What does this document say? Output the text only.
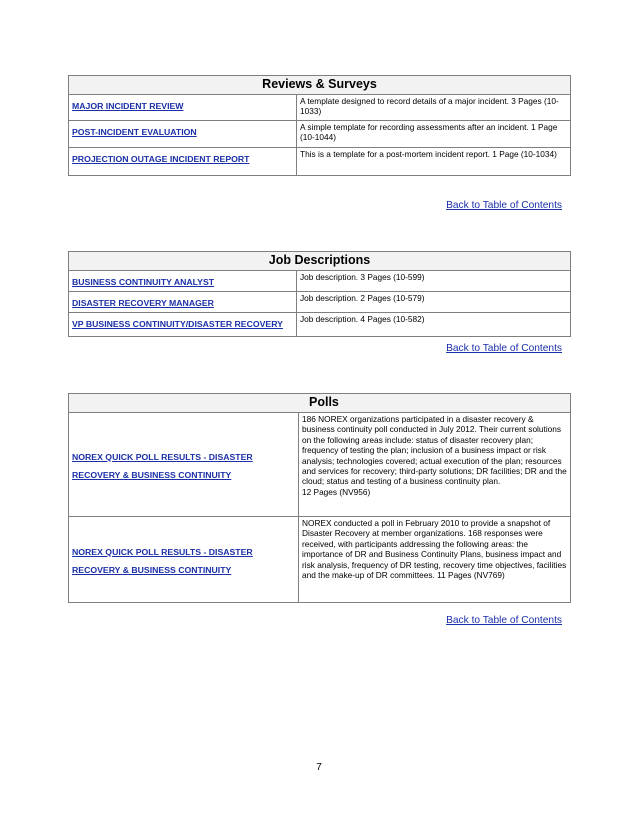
Reviews & Surveys	
MAJOR INCIDENT REVIEW	A template designed to record details of a major incident. 3 Pages (10-1033)
POST-INCIDENT EVALUATION	A simple template for recording assessments after an incident. 1 Page (10-1044)
PROJECTION OUTAGE INCIDENT REPORT	This is a template for a post-mortem incident report. 1 Page (10-1034)
Back to Table of Contents
Job Descriptions	
BUSINESS CONTINUITY ANALYST	Job description. 3 Pages (10-599)
DISASTER RECOVERY MANAGER	Job description. 2 Pages (10-579)
VP BUSINESS CONTINUITY/DISASTER RECOVERY	Job description. 4 Pages (10-582)
Back to Table of Contents
Polls	
NOREX QUICK POLL RESULTS - DISASTER RECOVERY & BUSINESS CONTINUITY	186 NOREX organizations participated in a disaster recovery & business continuity poll conducted in July 2012. Their current solutions on the following areas include: status of disaster recovery plan; frequency of testing the plan; inclusion of a business impact or risk analysis; technologies covered; actual execution of the plan; resources and services for recovery; third-party solutions; DR facilities; DR and the cloud; status and testing of a business continuity plan.
12 Pages (NV956)

NOREX QUICK POLL RESULTS - DISASTER RECOVERY & BUSINESS CONTINUITY	NOREX conducted a poll in February 2010 to provide a snapshot of Disaster Recovery at member organizations. 168 responses were received, with participants addressing the following areas: the importance of DR and Business Continuity Plans, business impact and risk analysis, frequency of DR testing, recovery time objectives, facilities and the make-up of DR committees. 11 Pages (NV769)
Back to Table of Contents
7
